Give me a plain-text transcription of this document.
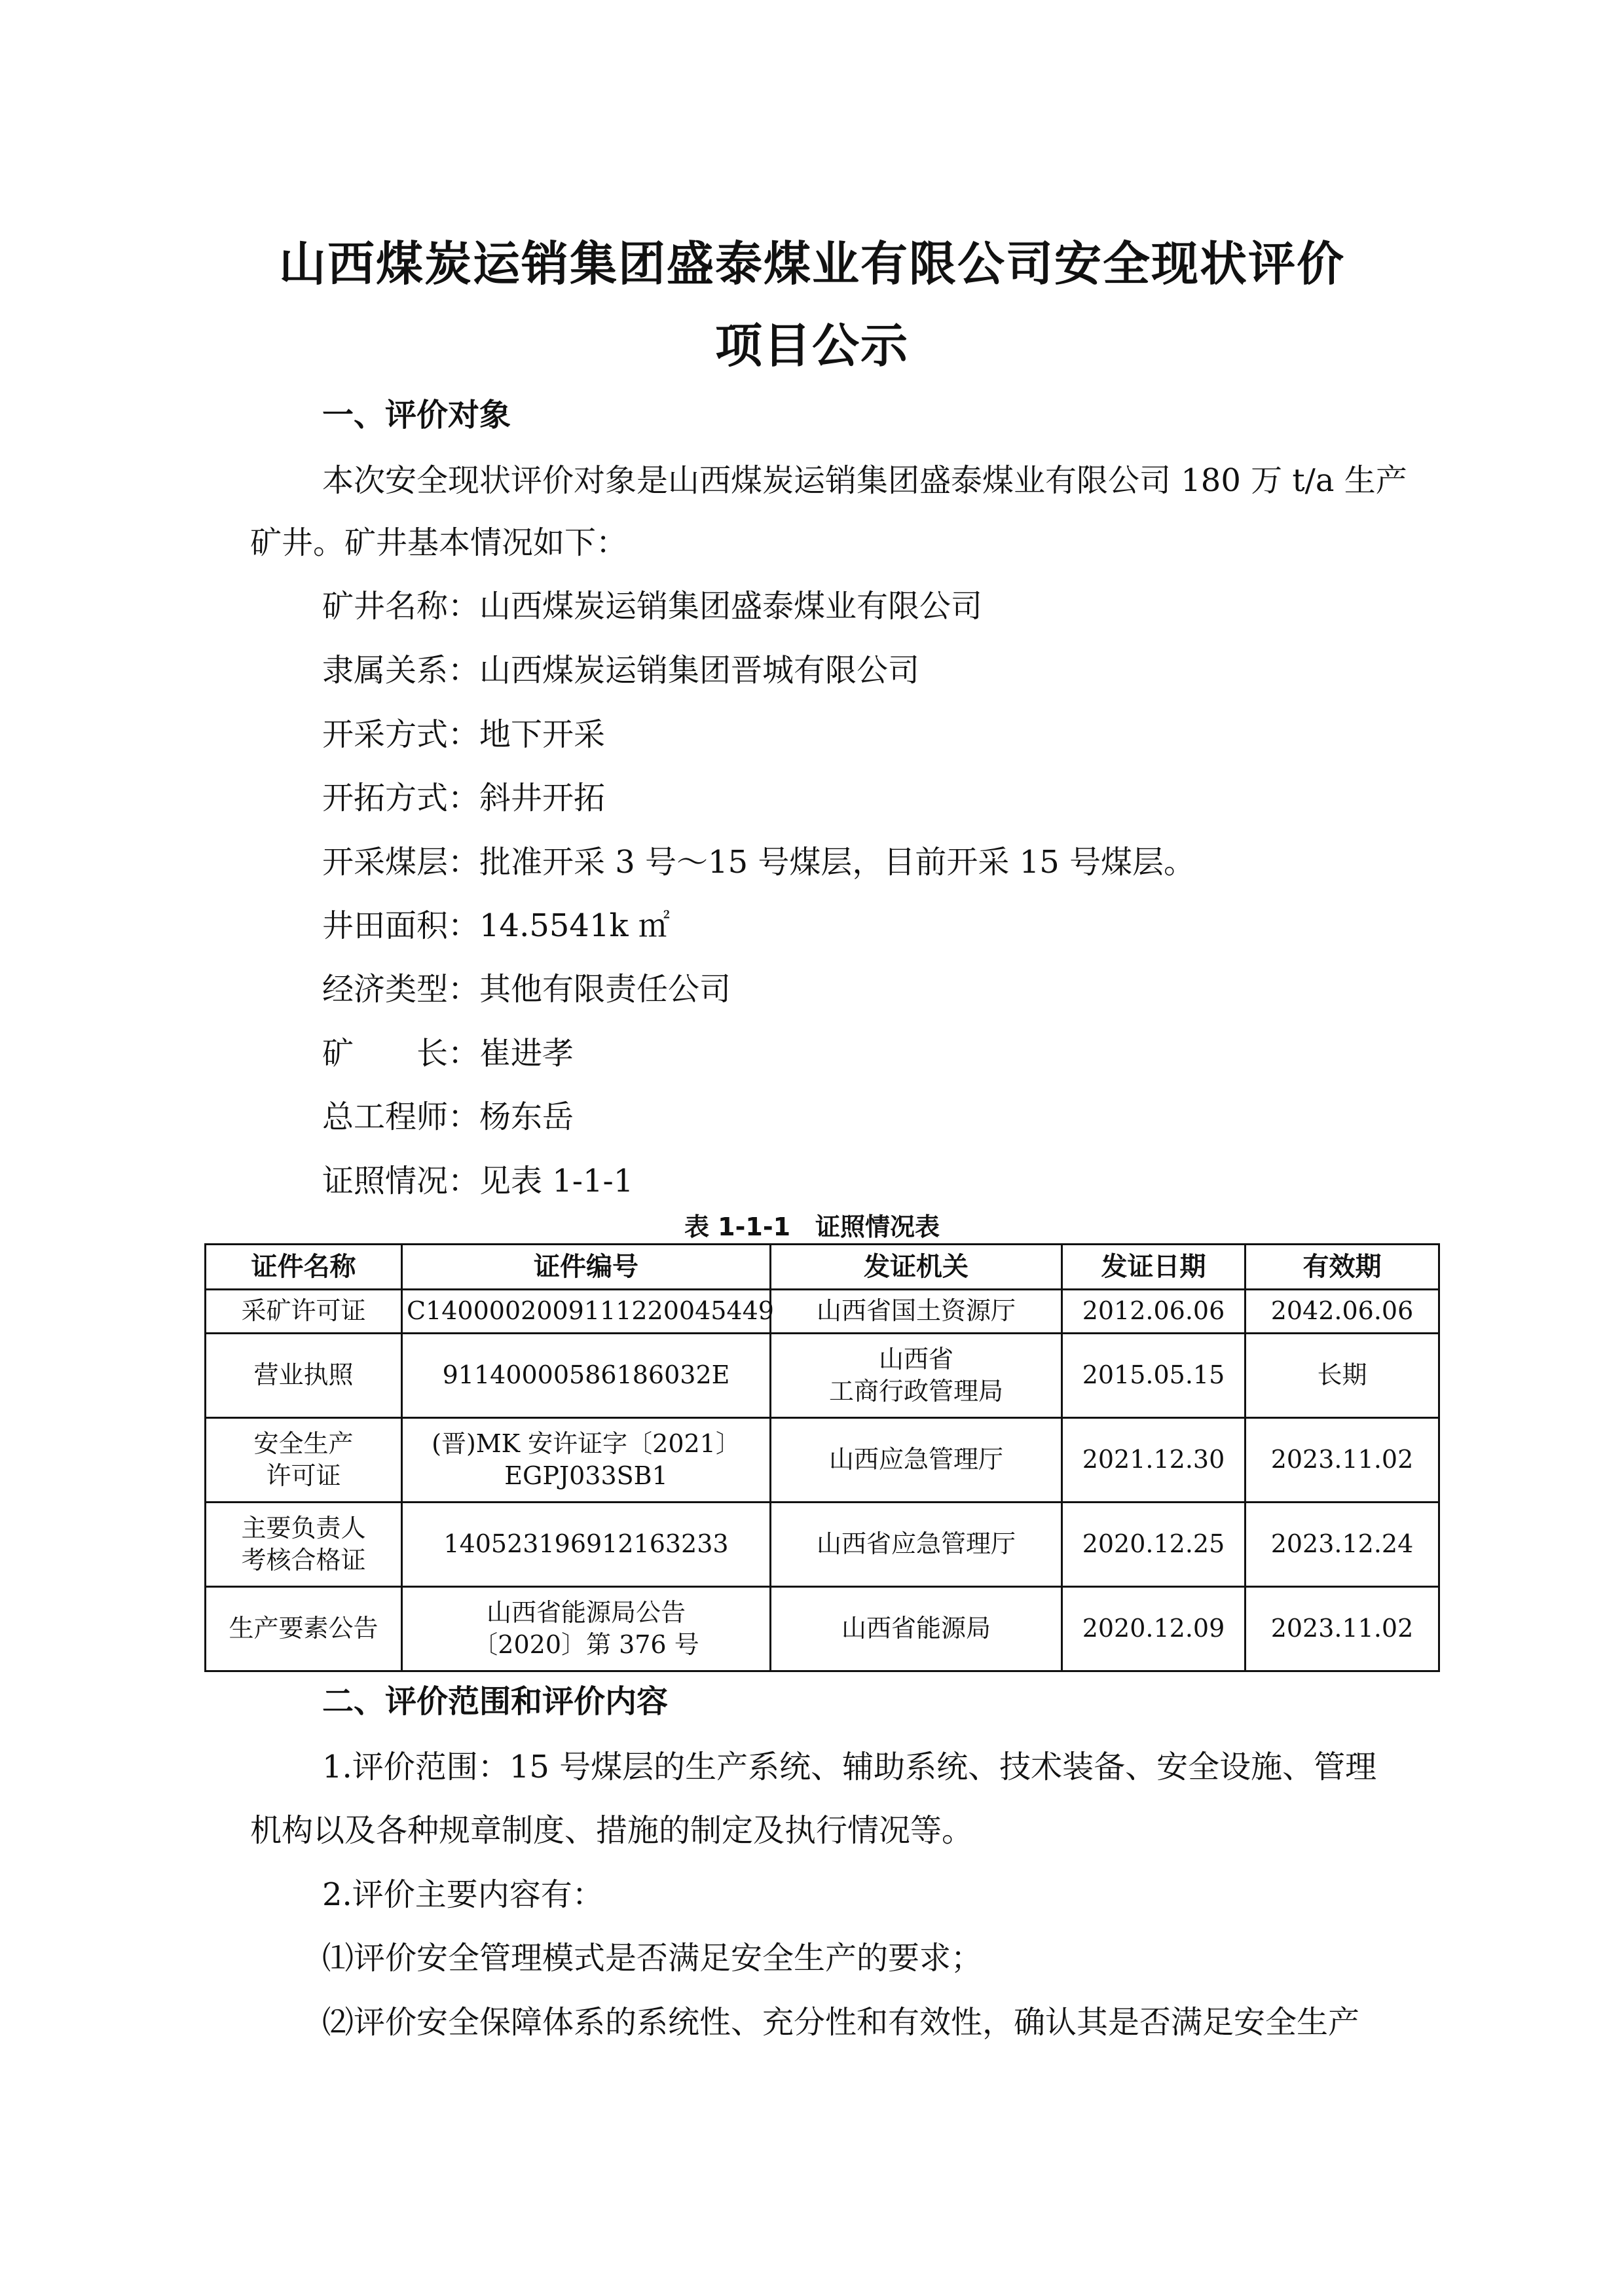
山西煤炭运销集团盛泰煤业有限公司安全现状评价
项目公示
一、评价对象

本次安全现状评价对象是山西煤炭运销集团盛泰煤业有限公司 180 万 t/a 生产

矿井。矿井基本情况如下：

矿井名称：山西煤炭运销集团盛泰煤业有限公司

隶属关系：山西煤炭运销集团晋城有限公司

开采方式：地下开采

开拓方式：斜井开拓

开采煤层：批准开采 3 号～15 号煤层，目前开采 15 号煤层。

井田面积：14.5541k ㎡

经济类型：其他有限责任公司

矿　　长：崔进孝

总工程师：杨东岳

证照情况：见表 1-1-1

表 1-1-1　证照情况表

证件名称	证件编号	发证机关	发证日期	有效期

采矿许可证	C1400002009111220045449	山西省国土资源厅	2012.06.06	2042.06.06

营业执照	91140000586186032E	山西省
工商行政管理局	2015.05.15	长期

安全生产
许可证	(晋)MK 安许证字〔2021〕
EGPJ033SB1	山西应急管理厅	2021.12.30	2023.11.02

主要负责人
考核合格证	140523196912163233	山西省应急管理厅	2020.12.25	2023.12.24

生产要素公告	山西省能源局公告
〔2020〕第 376 号	山西省能源局	2020.12.09	2023.11.02
二、评价范围和评价内容

1.评价范围：15 号煤层的生产系统、辅助系统、技术装备、安全设施、管理

机构以及各种规章制度、措施的制定及执行情况等。

2.评价主要内容有：

⑴评价安全管理模式是否满足安全生产的要求；

⑵评价安全保障体系的系统性、充分性和有效性，确认其是否满足安全生产
